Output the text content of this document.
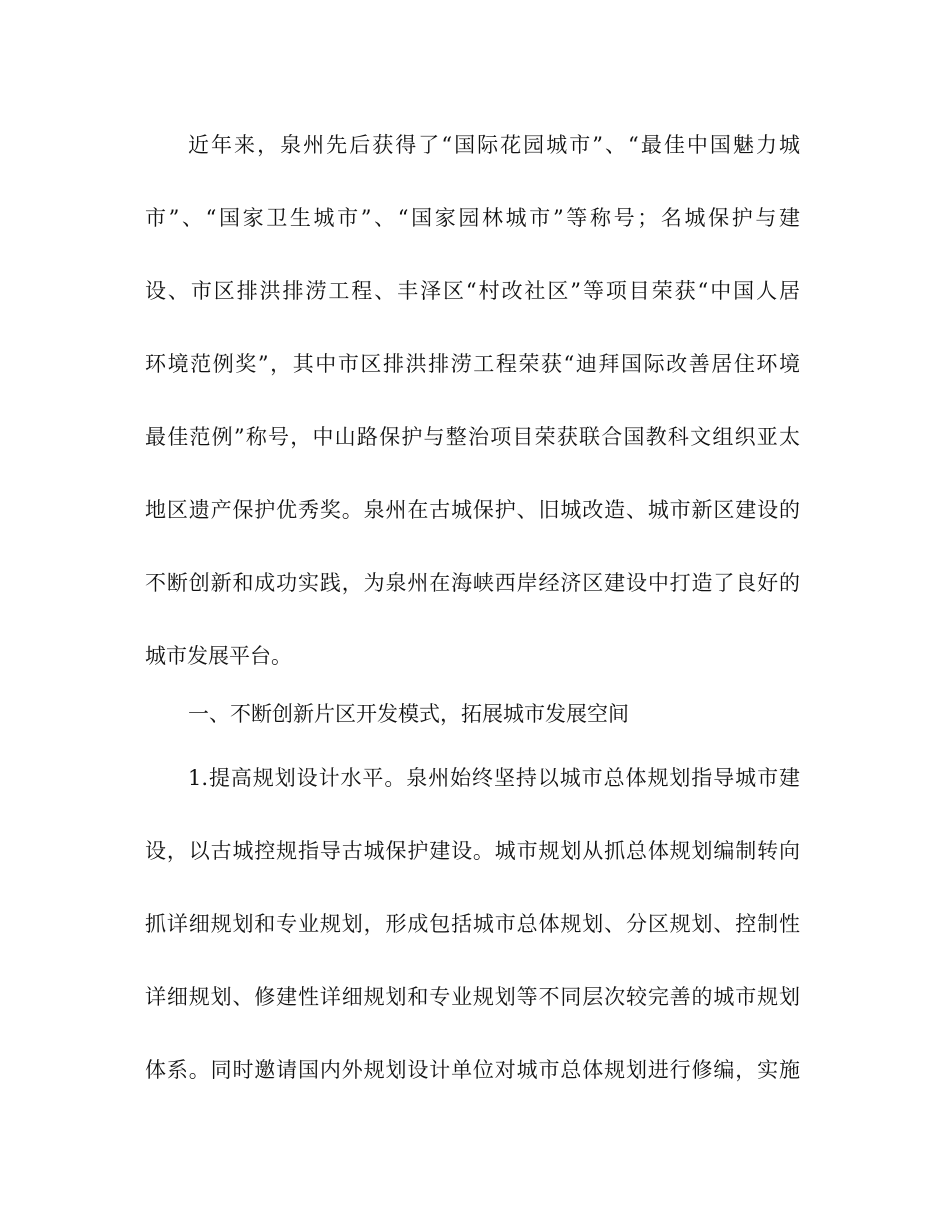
近年来，泉州先后获得了“国际花园城市”、“最佳中国魅力城
市”、“国家卫生城市”、“国家园林城市”等称号；名城保护与建
设、市区排洪排涝工程、丰泽区“村改社区”等项目荣获“中国人居
环境范例奖”，其中市区排洪排涝工程荣获“迪拜国际改善居住环境
最佳范例”称号，中山路保护与整治项目荣获联合国教科文组织亚太
地区遗产保护优秀奖。泉州在古城保护、旧城改造、城市新区建设的
不断创新和成功实践，为泉州在海峡西岸经济区建设中打造了良好的
城市发展平台。
一、不断创新片区开发模式，拓展城市发展空间
1.提高规划设计水平。泉州始终坚持以城市总体规划指导城市建
设，以古城控规指导古城保护建设。城市规划从抓总体规划编制转向
抓详细规划和专业规划，形成包括城市总体规划、分区规划、控制性
详细规划、修建性详细规划和专业规划等不同层次较完善的城市规划
体系。同时邀请国内外规划设计单位对城市总体规划进行修编，实施
